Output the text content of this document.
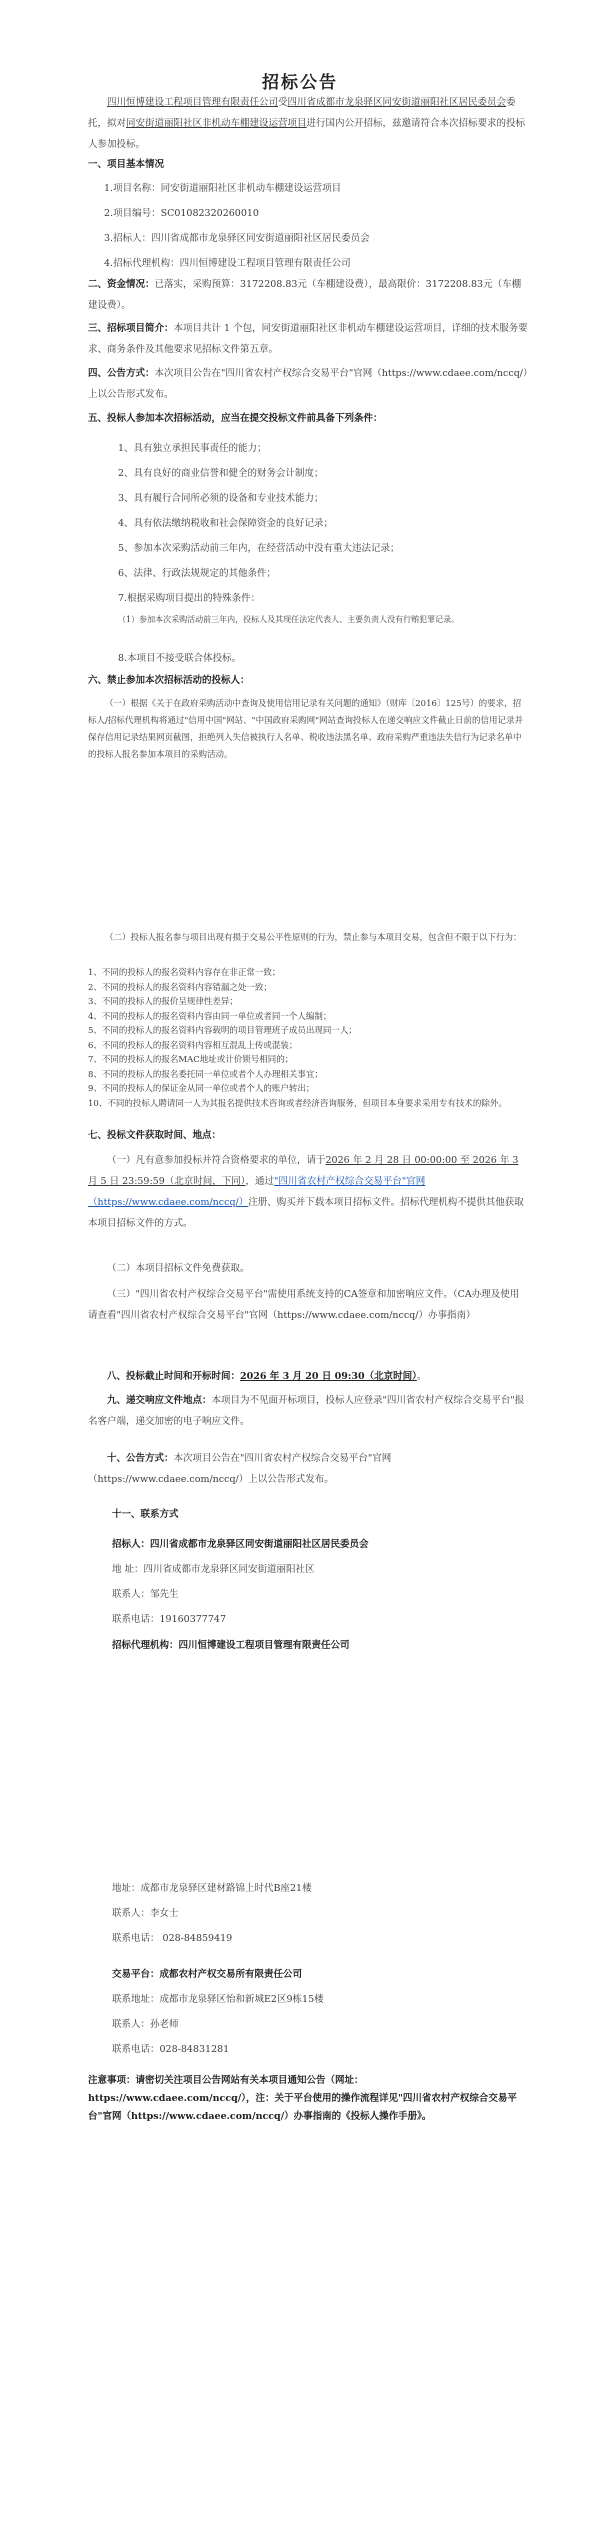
招标公告

四川恒博建设工程项目管理有限责任公司受四川省成都市龙泉驿区同安街道丽阳社区居民委员会委托，拟对同安街道丽阳社区非机动车棚建设运营项目进行国内公开招标，兹邀请符合本次招标要求的投标人参加投标。

一、项目基本情况

1.项目名称：同安街道丽阳社区非机动车棚建设运营项目
2.项目编号：SC01082320260010
3.招标人：四川省成都市龙泉驿区同安街道丽阳社区居民委员会
4.招标代理机构：四川恒博建设工程项目管理有限责任公司

二、资金情况：已落实，采购预算：3172208.83元（车棚建设费），最高限价：3172208.83元（车棚建设费）。

三、招标项目简介：本项目共计 1 个包，同安街道丽阳社区非机动车棚建设运营项目，详细的技术服务要求、商务条件及其他要求见招标文件第五章。

四、公告方式：本次项目公告在"四川省农村产权综合交易平台"官网（https://www.cdaee.com/nccq/）上以公告形式发布。

五、投标人参加本次招标活动，应当在提交投标文件前具备下列条件：

1、具有独立承担民事责任的能力；
2、具有良好的商业信誉和健全的财务会计制度；
3、具有履行合同所必须的设备和专业技术能力；
4、具有依法缴纳税收和社会保障资金的良好记录；
5、参加本次采购活动前三年内，在经营活动中没有重大违法记录；
6、法律、行政法规规定的其他条件；
7.根据采购项目提出的特殊条件：

（1）参加本次采购活动前三年内，投标人及其现任法定代表人、主要负责人没有行贿犯罪记录。

8.本项目不接受联合体投标。

六、禁止参加本次招标活动的投标人：

（一）根据《关于在政府采购活动中查询及使用信用记录有关问题的通知》（财库〔2016〕125号）的要求，招标人/招标代理机构将通过"信用中国"网站、"中国政府采购网"网站查询投标人在递交响应文件截止日前的信用记录并保存信用记录结果网页截图，拒绝列入失信被执行人名单、税收违法黑名单、政府采购严重违法失信行为记录名单中的投标人报名参加本项目的采购活动。

（二）投标人报名参与项目出现有损于交易公平性原则的行为，禁止参与本项目交易，包含但不限于以下行为：

1、不同的投标人的报名资料内容存在非正常一致；
2、不同的投标人的报名资料内容错漏之处一致；
3、不同的投标人的报价呈规律性差异；
4、不同的投标人的报名资料内容由同一单位或者同一个人编制；
5、不同的投标人的报名资料内容载明的项目管理班子成员出现同一人；
6、不同的投标人的报名资料内容相互混乱上传或混装；
7、不同的投标人的报名MAC地址或计价锁号相同的；
8、不同的投标人的报名委托同一单位或者个人办理相关事宜；
9、不同的投标人的保证金从同一单位或者个人的账户转出；
10、不同的投标人聘请同一人为其报名提供技术咨询或者经济咨询服务，但项目本身要求采用专有技术的除外。

七、投标文件获取时间、地点：

（一）凡有意参加投标并符合资格要求的单位，请于2026 年 2 月 28 日 00:00:00 至 2026 年 3 月 5 日 23:59:59（北京时间，下同），通过"四川省农村产权综合交易平台"官网（https://www.cdaee.com/nccq/）注册、购买并下载本项目招标文件。招标代理机构不提供其他获取本项目招标文件的方式。

（二）本项目招标文件免费获取。

（三）"四川省农村产权综合交易平台"需使用系统支持的CA签章和加密响应文件。（CA办理及使用请查看"四川省农村产权综合交易平台"官网（https://www.cdaee.com/nccq/）办事指南）

八、投标截止时间和开标时间：2026 年 3 月 20 日 09:30（北京时间）。

九、递交响应文件地点：本项目为不见面开标项目，投标人应登录"四川省农村产权综合交易平台"报名客户端，递交加密的电子响应文件。

十、公告方式：本次项目公告在"四川省农村产权综合交易平台"官网（https://www.cdaee.com/nccq/）上以公告形式发布。

十一、联系方式

招标人：四川省成都市龙泉驿区同安街道丽阳社区居民委员会
地 址：四川省成都市龙泉驿区同安街道丽阳社区
联系人：邹先生
联系电话：19160377747

招标代理机构：四川恒博建设工程项目管理有限责任公司

地址：成都市龙泉驿区建材路锦上时代B座21楼
联系人：李女士
联系电话： 028-84859419

交易平台：成都农村产权交易所有限责任公司
联系地址：成都市龙泉驿区怡和新城E2区9栋15楼
联系人：孙老师
联系电话：028-84831281

注意事项：请密切关注项目公告网站有关本项目通知公告（网址：https://www.cdaee.com/nccq/），注：关于平台使用的操作流程详见"四川省农村产权综合交易平台"官网（https://www.cdaee.com/nccq/）办事指南的《投标人操作手册》。
